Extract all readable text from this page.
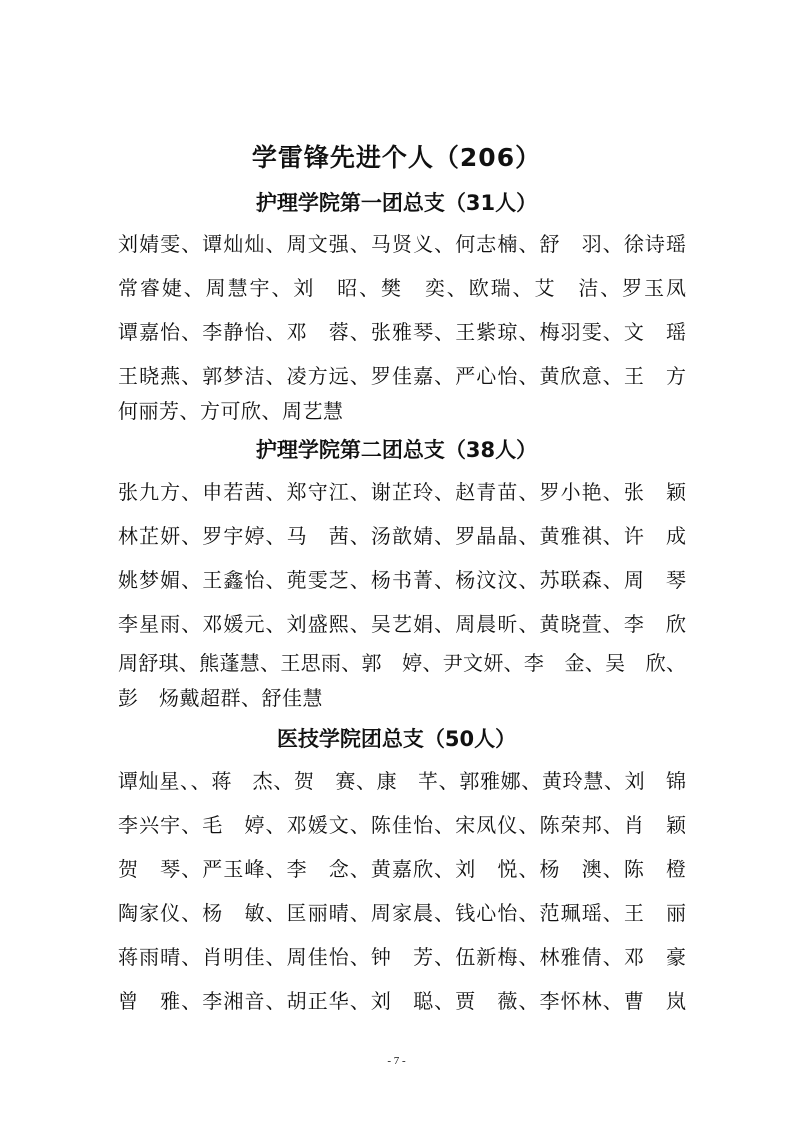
学雷锋先进个人（206）
护理学院第一团总支（31人）
刘婧雯、谭灿灿、周文强、马贤义、何志楠、舒　羽、徐诗瑶
常睿婕、周慧宇、刘　昭、樊　奕、欧瑞、艾　洁、罗玉凤
谭嘉怡、李静怡、邓　蓉、张雅琴、王紫琼、梅羽雯、文　瑶
王晓燕、郭梦洁、凌方远、罗佳嘉、严心怡、黄欣意、王　方
何丽芳、方可欣、周艺慧
护理学院第二团总支（38人）
张九方、申若茜、郑守江、谢芷玲、赵青苗、罗小艳、张　颖
林芷妍、罗宇婷、马　茜、汤歆婧、罗晶晶、黄雅祺、许　成
姚梦媚、王鑫怡、蔸雯芝、杨书菁、杨汶汶、苏联森、周　琴
李星雨、邓媛元、刘盛熙、吴艺娟、周晨昕、黄晓萱、李　欣
周舒琪、熊蓬慧、王思雨、郭　婷、尹文妍、李　金、吴　欣、
彭　炀戴超群、舒佳慧
医技学院团总支（50人）
谭灿星、、蒋　杰、贺　赛、康　芊、郭雅娜、黄玲慧、刘　锦
李兴宇、毛　婷、邓媛文、陈佳怡、宋凤仪、陈荣邦、肖　颖
贺　琴、严玉峰、李　念、黄嘉欣、刘　悦、杨　澳、陈　橙
陶家仪、杨　敏、匡丽晴、周家晨、钱心怡、范珮瑶、王　丽
蒋雨晴、肖明佳、周佳怡、钟　芳、伍新梅、林雅倩、邓　豪
曾　雅、李湘音、胡正华、刘　聪、贾　薇、李怀林、曹　岚
- 7 -
